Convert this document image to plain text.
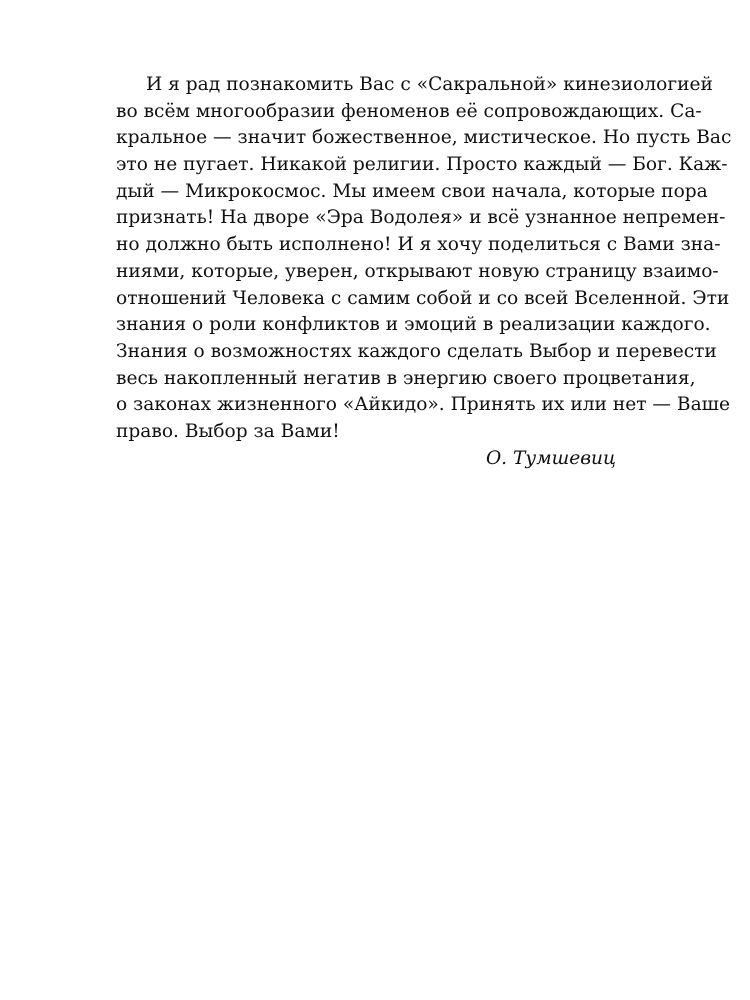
И я рад познакомить Вас с «Сакральной» кинезиологией
во всём многообразии феноменов её сопровождающих. Са-
кральное — значит божественное, мистическое. Но пусть Вас
это не пугает. Никакой религии. Просто каждый — Бог. Каж-
дый — Микрокосмос. Мы имеем свои начала, которые пора
признать! На дворе «Эра Водолея» и всё узнанное непремен-
но должно быть исполнено! И я хочу поделиться с Вами зна-
ниями, которые, уверен, открывают новую страницу взаимо-
отношений Человека с самим собой и со всей Вселенной. Эти
знания о роли конфликтов и эмоций в реализации каждого.
Знания о возможностях каждого сделать Выбор и перевести
весь накопленный негатив в энергию своего процветания,
о законах жизненного «Айкидо». Принять их или нет — Ваше
право. Выбор за Вами!
О. Тумшевиц
